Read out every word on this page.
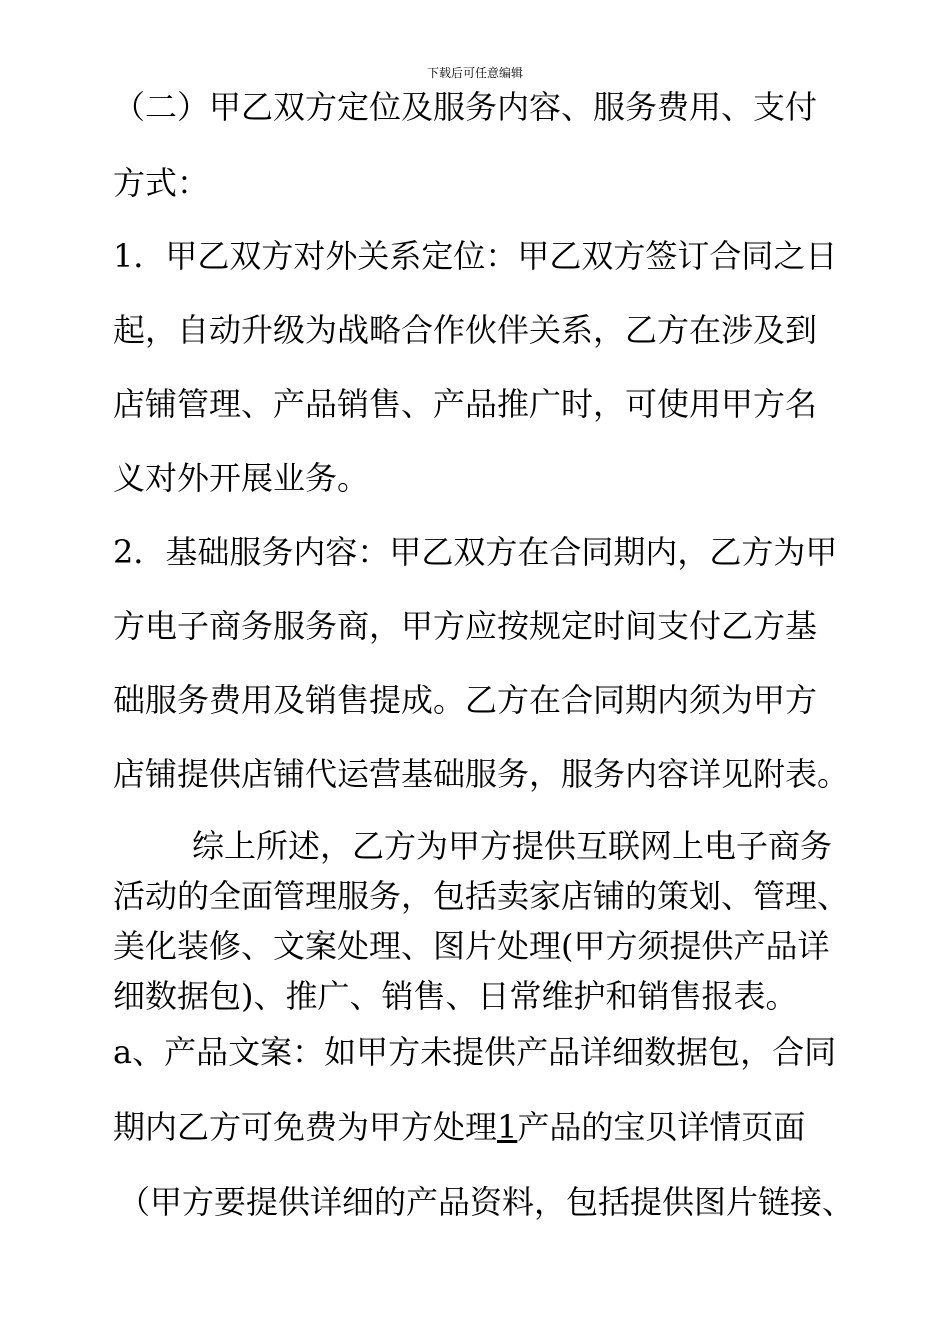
下载后可任意编辑
（二）甲乙双方定位及服务内容、服务费用、支付
方式：
1．甲乙双方对外关系定位：甲乙双方签订合同之日
起，自动升级为战略合作伙伴关系，乙方在涉及到
店铺管理、产品销售、产品推广时，可使用甲方名
义对外开展业务。
2．基础服务内容：甲乙双方在合同期内，乙方为甲
方电子商务服务商，甲方应按规定时间支付乙方基
础服务费用及销售提成。乙方在合同期内须为甲方
店铺提供店铺代运营基础服务，服务内容详见附表。
综上所述，乙方为甲方提供互联网上电子商务
活动的全面管理服务，包括卖家店铺的策划、管理、
美化装修、文案处理、图片处理(甲方须提供产品详
细数据包)、推广、销售、日常维护和销售报表。
a、产品文案：如甲方未提供产品详细数据包，合同
期内乙方可免费为甲方处理1产品的宝贝详情页面
（甲方要提供详细的产品资料，包括提供图片链接、
